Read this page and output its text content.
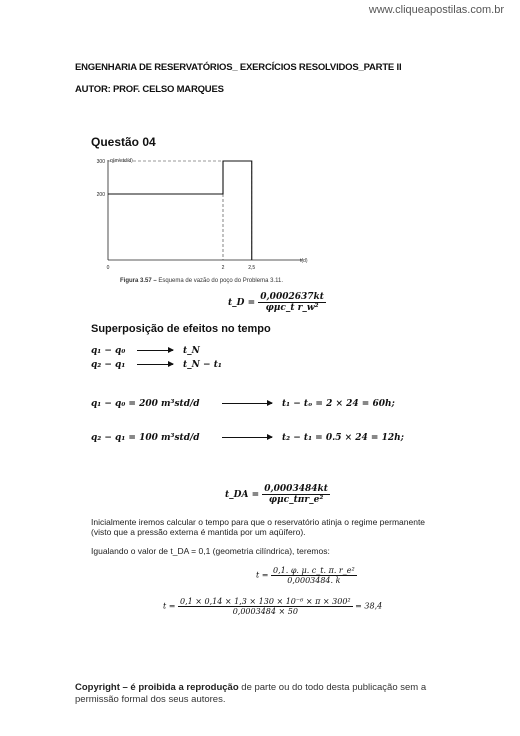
www.cliqueapostilas.com.br
ENGENHARIA DE RESERVATÓRIOS_ EXERCÍCIOS RESOLVIDOS_PARTE II
AUTOR: PROF. CELSO MARQUES
Questão 04
0	2	2,5
200
300 q(m³std/d)
t(d)
Figura 3.57 – Esquema de vazão do poço do Problema 3.11.
t_D = $\frac{0,0002637kt}{\text{φμc\_t r\_w²}}$
Superposição de efeitos no tempo
q₁ − q₀	t_N
q₂ − q₁	t_N − t₁
q₁ − q₀ = 200 m³std/d	t₁ − tₒ = 2 × 24 = 60h;
q₂ − q₁ = 100 m³std/d	t₂ − t₁ = 0.5 × 24 = 12h;
t_DA = $\frac{0,0003484kt}{\text{φμc\_tπr\_e²}}$
Inicialmente iremos calcular o tempo para que o reservatório atinja o regime permanente (visto que a pressão externa é mantida por um aqüífero).
Igualando o valor de t_DA = 0,1 (geometria cilíndrica), teremos:
$t = \frac{\text{0,1. φ. μ. c\_t. π. r\_e²}}{0,0003484. k}$
$t = \frac{\text{0,1 × 0,14 × 1,3 × 130 × 10⁻⁶ × π × 300²}}{0,0003484 \times 50} = 38,4$
Copyright – é proibida a reprodução de parte ou do todo desta publicação sem a permissão formal dos seus autores.
